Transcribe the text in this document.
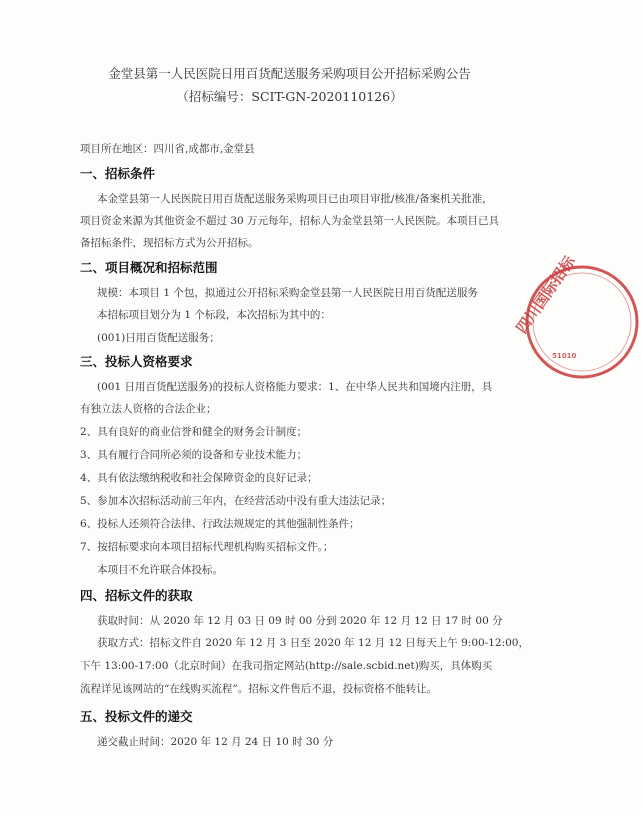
金堂县第一人民医院日用百货配送服务采购项目公开招标采购公告
（招标编号：SCIT-GN-2020110126）
项目所在地区：四川省,成都市,金堂县
一、招标条件
本金堂县第一人民医院日用百货配送服务采购项目已由项目审批/核准/备案机关批准，
项目资金来源为其他资金不超过 30 万元每年，招标人为金堂县第一人民医院。本项目已具
备招标条件，现招标方式为公开招标。
二、项目概况和招标范围
规模：本项目 1 个包，拟通过公开招标采购金堂县第一人民医院日用百货配送服务
本招标项目划分为 1 个标段，本次招标为其中的：
(001)日用百货配送服务；
三、投标人资格要求
(001 日用百货配送服务)的投标人资格能力要求：1、在中华人民共和国境内注册，具
有独立法人资格的合法企业；
2、具有良好的商业信誉和健全的财务会计制度；
3、具有履行合同所必须的设备和专业技术能力；
4、具有依法缴纳税收和社会保障资金的良好记录；
5、参加本次招标活动前三年内，在经营活动中没有重大违法记录；
6、投标人还须符合法律、行政法规规定的其他强制性条件；
7、按招标要求向本项目招标代理机构购买招标文件。；
本项目不允许联合体投标。
四、招标文件的获取
获取时间：从 2020 年 12 月 03 日 09 时 00 分到 2020 年 12 月 12 日 17 时 00 分
获取方式：招标文件自 2020 年 12 月 3 日至 2020 年 12 月 12 日每天上午 9:00-12:00，
下午 13:00-17:00（北京时间）在我司指定网站(http://sale.scbid.net)购买，具体购买
流程详见该网站的“在线购买流程”。招标文件售后不退，投标资格不能转让。
五、投标文件的递交
递交截止时间：2020 年 12 月 24 日 10 时 30 分
四川国际招标
51010
